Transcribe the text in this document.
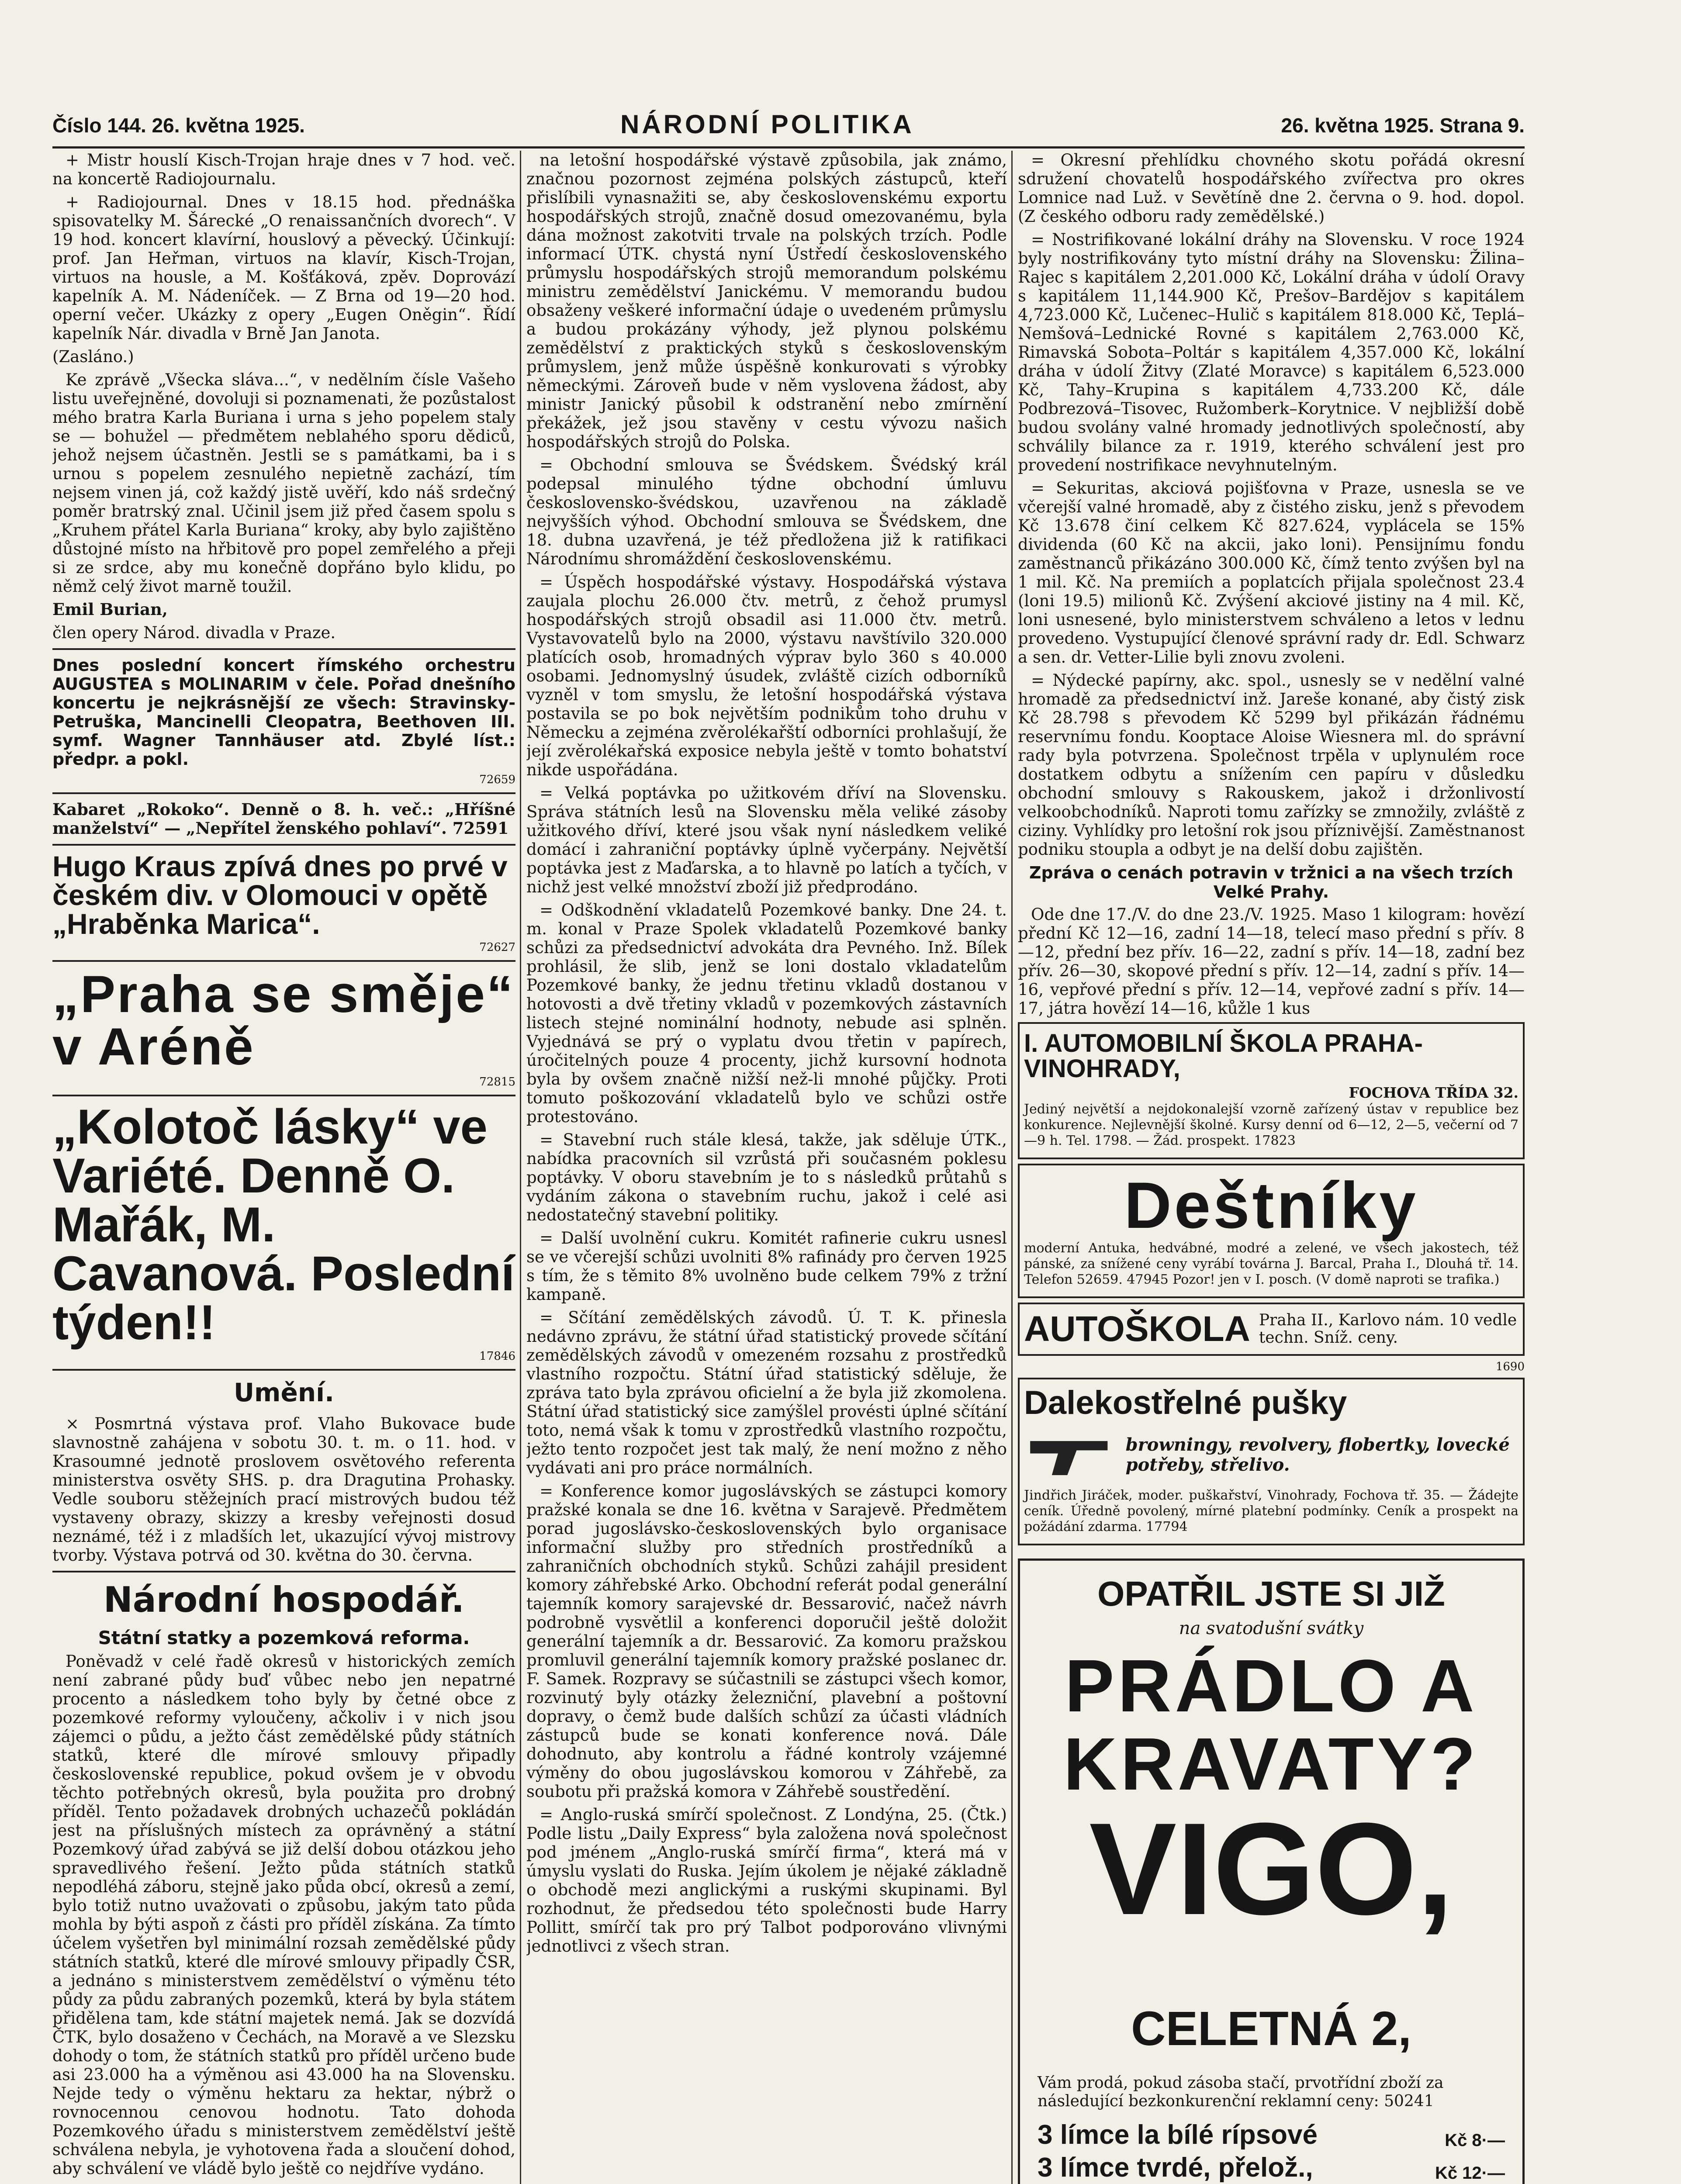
Číslo 144. 26. května 1925.	NÁRODNÍ POLITIKA	26. května 1925. Strana 9.

+ Mistr houslí Kisch-Trojan hraje dnes v 7 hod. več. na koncertě Radiojournalu.

+ Radiojournal. Dnes v 18.15 hod. přednáška spisovatelky M. Šárecké „O renaissančních dvorech“. V 19 hod. koncert klavírní, houslový a pěvecký. Účinkují: prof. Jan Heřman, virtuos na klavír, Kisch-Trojan, virtuos na housle, a M. Košťáková, zpěv. Doprovází kapelník A. M. Nádeníček. — Z Brna od 19—20 hod. operní večer. Ukázky z opery „Eugen Oněgin“. Řídí kapelník Nár. divadla v Brně Jan Janota.

(Zasláno.)

Ke zprávě „Všecka sláva...“, v nedělním čísle Vašeho listu uveřejněné, dovoluji si poznamenati, že pozůstalost mého bratra Karla Buriana i urna s jeho popelem staly se — bohužel — předmětem neblahého sporu dědiců, jehož nejsem účastněn. Jestli se s památkami, ba i s urnou s popelem zesnulého nepietně zachází, tím nejsem vinen já, což každý jistě uvěří, kdo náš srdečný poměr bratrský znal. Učinil jsem již před časem spolu s „Kruhem přátel Karla Buriana“ kroky, aby bylo zajištěno důstojné místo na hřbitově pro popel zemřelého a přeji si ze srdce, aby mu konečně dopřáno bylo klidu, po němž celý život marně toužil.

Emil Burian,

člen opery Národ. divadla v Praze.

Dnes poslední koncert římského orchestru AUGUSTEA s MOLINARIM v čele. Pořad dnešního koncertu je nejkrásnější ze všech: Stravinsky-Petruška, Mancinelli Cleopatra, Beethoven III. symf. Wagner Tannhäuser atd. Zbylé líst.: předpr. a pokl.

72659

Kabaret „Rokoko“. Denně o 8. h. več.: „Hříšné manželství“ — „Nepřítel ženského pohlaví“. 72591

Hugo Kraus zpívá dnes po prvé v českém div. v Olomouci v opětě „Hraběnka Marica“.
72627
„Praha se směje“ v Aréně
72815
„Kolotoč lásky“ ve Variété. Denně O. Mařák, M. Cavanová. Poslední týden!!
17846
Umění.

× Posmrtná výstava prof. Vlaho Bukovace bude slavnostně zahájena v sobotu 30. t. m. o 11. hod. v Krasoumné jednotě proslovem osvětového referenta ministerstva osvěty SHS. p. dra Dragutina Prohasky. Vedle souboru stěžejních prací mistrových budou též vystaveny obrazy, skizzy a kresby veřejnosti dosud neznámé, též i z mladších let, ukazující vývoj mistrovy tvorby. Výstava potrvá od 30. května do 30. června.

Národní hospodář.
Státní statky a pozemková reforma.

Poněvadž v celé řadě okresů v historických zemích není zabrané půdy buď vůbec nebo jen nepatrné procento a následkem toho byly by četné obce z pozemkové reformy vyloučeny, ačkoliv i v nich jsou zájemci o půdu, a ježto část zemědělské půdy státních statků, které dle mírové smlouvy připadly československé republice, pokud ovšem je v obvodu těchto potřebných okresů, byla použita pro drobný příděl. Tento požadavek drobných uchazečů pokládán jest na příslušných místech za oprávněný a státní Pozemkový úřad zabývá se již delší dobou otázkou jeho spravedlivého řešení. Ježto půda státních statků nepodléhá záboru, stejně jako půda obcí, okresů a zemí, bylo totiž nutno uvažovati o způsobu, jakým tato půda mohla by býti aspoň z části pro příděl získána. Za tímto účelem vyšetřen byl minimální rozsah zemědělské půdy státních statků, které dle mírové smlouvy připadly ČSR, a jednáno s ministerstvem zemědělství o výměnu této půdy za půdu zabraných pozemků, která by byla státem přidělena tam, kde státní majetek nemá. Jak se dozvídá ČTK, bylo dosaženo v Čechách, na Moravě a ve Slezsku dohody o tom, že státních statků pro příděl určeno bude asi 23.000 ha a výměnou asi 43.000 ha na Slovensku. Nejde tedy o výměnu hektaru za hektar, nýbrž o rovnocennou cenovou hodnotu. Tato dohoda Pozemkového úřadu s ministerstvem zemědělství ještě schválena nebyla, je vyhotovena řada a sloučení dohod, aby schválení ve vládě bylo ještě co nejdříve vydáno.

na letošní hospodářské výstavě způsobila, jak známo, značnou pozornost zejména polských zástupců, kteří přislíbili vynasnažiti se, aby československému exportu hospodářských strojů, značně dosud omezovanému, byla dána možnost zakotviti trvale na polských trzích. Podle informací ÚTK. chystá nyní Ústředí československého průmyslu hospodářských strojů memorandum polskému ministru zemědělství Janickému. V memorandu budou obsaženy veškeré informační údaje o uvedeném průmyslu a budou prokázány výhody, jež plynou polskému zemědělství z praktických styků s československým průmyslem, jenž může úspěšně konkurovati s výrobky německými. Zároveň bude v něm vyslovena žádost, aby ministr Janický působil k odstranění nebo zmírnění překážek, jež jsou stavěny v cestu vývozu našich hospodářských strojů do Polska.

= Obchodní smlouva se Švédskem. Švédský král podepsal minulého týdne obchodní úmluvu československo-švédskou, uzavřenou na základě nejvyšších výhod. Obchodní smlouva se Švédskem, dne 18. dubna uzavřená, je též předložena již k ratifikaci Národnímu shromáždění československému.

= Úspěch hospodářské výstavy. Hospodářská výstava zaujala plochu 26.000 čtv. metrů, z čehož prumysl hospodářských strojů obsadil asi 11.000 čtv. metrů. Vystavovatelů bylo na 2000, výstavu navštívilo 320.000 platících osob, hromadných výprav bylo 360 s 40.000 osobami. Jednomyslný úsudek, zvláště cizích odborníků vyzněl v tom smyslu, že letošní hospodářská výstava postavila se po bok největším podnikům toho druhu v Německu a zejména zvěrolékařští odborníci prohlašují, že její zvěrolékařská exposice nebyla ještě v tomto bohatství nikde uspořádána.

= Velká poptávka po užitkovém dříví na Slovensku. Správa státních lesů na Slovensku měla veliké zásoby užitkového dříví, které jsou však nyní následkem veliké domácí i zahraniční poptávky úplně vyčerpány. Největší poptávka jest z Maďarska, a to hlavně po latích a tyčích, v nichž jest velké množství zboží již předprodáno.

= Odškodnění vkladatelů Pozemkové banky. Dne 24. t. m. konal v Praze Spolek vkladatelů Pozemkové banky schůzi za předsednictví advokáta dra Pevného. Inž. Bílek prohlásil, že slib, jenž se loni dostalo vkladatelům Pozemkové banky, že jednu třetinu vkladů dostanou v hotovosti a dvě třetiny vkladů v pozemkových zástavních listech stejné nominální hodnoty, nebude asi splněn. Vyjednává se prý o vyplatu dvou třetin v papírech, úročitelných pouze 4 procenty, jichž kursovní hodnota byla by ovšem značně nižší než-li mnohé půjčky. Proti tomuto poškozování vkladatelů bylo ve schůzi ostře protestováno.

= Stavební ruch stále klesá, takže, jak sděluje ÚTK., nabídka pracovních sil vzrůstá při současném poklesu poptávky. V oboru stavebním je to s následků průtahů s vydáním zákona o stavebním ruchu, jakož i celé asi nedostatečný stavební politiky.

= Další uvolnění cukru. Komitét rafinerie cukru usnesl se ve včerejší schůzi uvolniti 8% rafinády pro červen 1925 s tím, že s těmito 8% uvolněno bude celkem 79% z tržní kampaně.

= Sčítání zemědělských závodů. Ú. T. K. přinesla nedávno zprávu, že státní úřad statistický provede sčítání zemědělských závodů v omezeném rozsahu z prostředků vlastního rozpočtu. Státní úřad statistický sděluje, že zpráva tato byla zprávou oficielní a že byla již zkomolena. Státní úřad statistický sice zamýšlel provésti úplné sčítání toto, nemá však k tomu v zprostředků vlastního rozpočtu, ježto tento rozpočet jest tak malý, že není možno z něho vydávati ani pro práce normálních.

= Konference komor jugoslávských se zástupci komory pražské konala se dne 16. května v Sarajevě. Předmětem porad jugoslávsko-československých bylo organisace informační služby pro středních prostředníků a zahraničních obchodních styků. Schůzi zahájil president komory záhřebské Arko. Obchodní referát podal generální tajemník komory sarajevské dr. Bessarović, načež návrh podrobně vysvětlil a konferenci doporučil ještě doložit generální tajemník a dr. Bessarović. Za komoru pražskou promluvil generální tajemník komory pražské poslanec dr. F. Samek. Rozpravy se súčastnili se zástupci všech komor, rozvinutý byly otázky železniční, plavební a poštovní dopravy, o čemž bude dalších schůzí za účasti vládních zástupců bude se konati konference nová. Dále dohodnuto, aby kontrolu a řádné kontroly vzájemné výměny do obou jugoslávskou komorou v Záhřebě, za soubotu při pražská komora v Záhřebě soustředění.

= Anglo-ruská smírčí společnost. Z Londýna, 25. (Čtk.) Podle listu „Daily Express“ byla založena nová společnost pod jménem „Anglo-ruská smírčí firma“, která má v úmyslu vyslati do Ruska. Jejím úkolem je nějaké základně o obchodě mezi anglickými a ruskými skupinami. Byl rozhodnut, že předsedou této společnosti bude Harry Pollitt, smírčí tak pro prý Talbot podporováno vlivnými jednotlivci z všech stran.

= Okresní přehlídku chovného skotu pořádá okresní sdružení chovatelů hospodářského zvířectva pro okres Lomnice nad Luž. v Sevětíně dne 2. června o 9. hod. dopol. (Z českého odboru rady zemědělské.)

= Nostrifikované lokální dráhy na Slovensku. V roce 1924 byly nostrifikovány tyto místní dráhy na Slovensku: Žilina–Rajec s kapitálem 2,201.000 Kč, Lokální dráha v údolí Oravy s kapitálem 11,144.900 Kč, Prešov–Bardějov s kapitálem 4,723.000 Kč, Lučenec–Hulič s kapitálem 818.000 Kč, Teplá–Nemšová–Lednické Rovné s kapitálem 2,763.000 Kč, Rimavská Sobota–Poltár s kapitálem 4,357.000 Kč, lokální dráha v údolí Žitvy (Zlaté Moravce) s kapitálem 6,523.000 Kč, Tahy–Krupina s kapitálem 4,733.200 Kč, dále Podbrezová–Tisovec, Ružomberk–Korytnice. V nejbližší době budou svolány valné hromady jednotlivých společností, aby schválily bilance za r. 1919, kterého schválení jest pro provedení nostrifikace nevyhnutelným.

= Sekuritas, akciová pojišťovna v Praze, usnesla se ve včerejší valné hromadě, aby z čistého zisku, jenž s převodem Kč 13.678 činí celkem Kč 827.624, vyplácela se 15% dividenda (60 Kč na akcii, jako loni). Pensijnímu fondu zaměstnanců přikázáno 300.000 Kč, čímž tento zvýšen byl na 1 mil. Kč. Na premiích a poplatcích přijala společnost 23.4 (loni 19.5) milionů Kč. Zvýšení akciové jistiny na 4 mil. Kč, loni usnesené, bylo ministerstvem schváleno a letos v lednu provedeno. Vystupující členové správní rady dr. Edl. Schwarz a sen. dr. Vetter-Lilie byli znovu zvoleni.

= Nýdecké papírny, akc. spol., usnesly se v nedělní valné hromadě za předsednictví inž. Jareše konané, aby čistý zisk Kč 28.798 s převodem Kč 5299 byl přikázán řádnému reservnímu fondu. Kooptace Aloise Wiesnera ml. do správní rady byla potvrzena. Společnost trpěla v uplynulém roce dostatkem odbytu a snížením cen papíru v důsledku obchodní smlouvy s Rakouskem, jakož i držonlivostí velkoobchodníků. Naproti tomu zařízky se zmnožily, zvláště z ciziny. Vyhlídky pro letošní rok jsou příznivější. Zaměstnanost podniku stoupla a odbyt je na delší dobu zajištěn.

Zpráva o cenách potravin v tržnici a na všech trzích Velké Prahy.

Ode dne 17./V. do dne 23./V. 1925. Maso 1 kilogram: hovězí přední Kč 12—16, zadní 14—18, telecí maso přední s přív. 8—12, přední bez přív. 16—22, zadní s přív. 14—18, zadní bez přív. 26—30, skopové přední s přív. 12—14, zadní s přív. 14—16, vepřové přední s přív. 12—14, vepřové zadní s přív. 14—17, játra hovězí 14—16, kůžle 1 kus

I. AUTOMOBILNÍ ŠKOLA PRAHA-VINOHRADY,
FOCHOVA TŘÍDA 32.

Jediný největší a nejdokonalejší vzorně zařízený ústav v republice bez konkurence. Nejlevnější školné. Kursy denní od 6—12, 2—5, večerní od 7—9 h. Tel. 1798. — Žád. prospekt. 17823

Deštníky

moderní Antuka, hedvábné, modré a zelené, ve všech jakostech, též pánské, za snížené ceny vyrábí továrna J. Barcal, Praha I., Dlouhá tř. 14. Telefon 52659. 47945 Pozor! jen v I. posch. (V domě naproti se trafika.)

AUTOŠKOLA Praha II., Karlovo nám. 10 vedle techn. Sníž. ceny.
1690
Dalekostřelné pušky
browningy, revolvery, flobertky, lovecké potřeby, střelivo.

Jindřich Jiráček, moder. puškařství, Vinohrady, Fochova tř. 35. — Žádejte ceník. Úředně povolený, mírné platební podmínky. Ceník a prospekt na požádání zdarma. 17794

OPATŘIL JSTE SI JIŽ
na svatodušní svátky
PRÁDLO A
KRAVATY?
VIGO, CELETNÁ 2,
Vám prodá, pokud zásoba stačí, prvotřídní zboží za následující bezkonkurenční reklamní ceny: 50241
3 límce la bílé rípsové	Kč 8·—
3 límce tvrdé, přelož.,	Kč 12·—
